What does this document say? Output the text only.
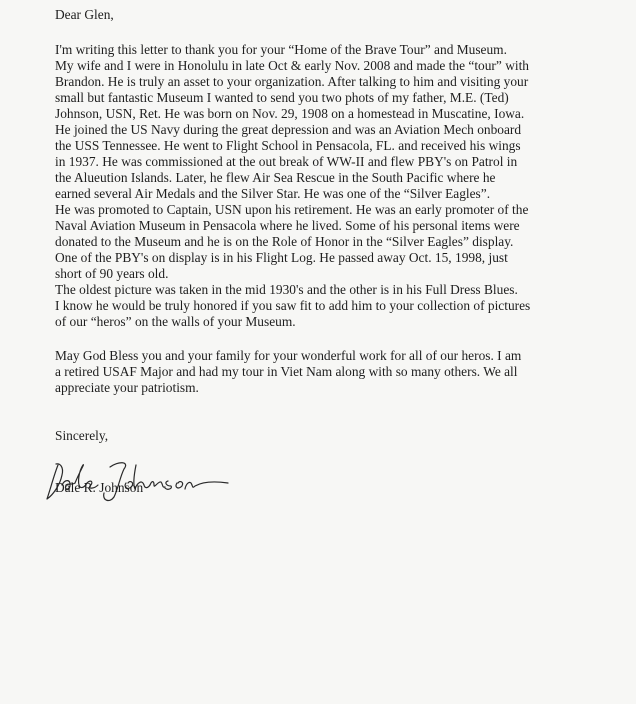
Dear Glen,

I'm writing this letter to thank you for your “Home of the Brave Tour” and Museum.

My wife and I were in Honolulu in late Oct & early Nov. 2008 and made the “tour” with

Brandon. He is truly an asset to your organization. After talking to him and visiting your

small but fantastic Museum I wanted to send you two phots of my father, M.E. (Ted)

Johnson, USN, Ret. He was born on Nov. 29, 1908 on a homestead in Muscatine, Iowa.

He joined the US Navy during the great depression and was an Aviation Mech onboard

the USS Tennessee. He went to Flight School in Pensacola, FL. and received his wings

in 1937. He was commissioned at the out break of WW-II and flew PBY's on Patrol in

the Alueution Islands. Later, he flew Air Sea Rescue in the South Pacific where he

earned several Air Medals and the Silver Star. He was one of the “Silver Eagles”.

He was promoted to Captain, USN upon his retirement. He was an early promoter of the

Naval Aviation Museum in Pensacola where he lived. Some of his personal items were

donated to the Museum and he is on the Role of Honor in the “Silver Eagles” display.

One of the PBY's on display is in his Flight Log. He passed away Oct. 15, 1998, just

short of 90 years old.

The oldest picture was taken in the mid 1930's and the other is in his Full Dress Blues.

I know he would be truly honored if you saw fit to add him to your collection of pictures

of our “heros” on the walls of your Museum.

May God Bless you and your family for your wonderful work for all of our heros. I am

a retired USAF Major and had my tour in Viet Nam along with so many others. We all

appreciate your patriotism.

Sincerely,

Dale R. Johnson
